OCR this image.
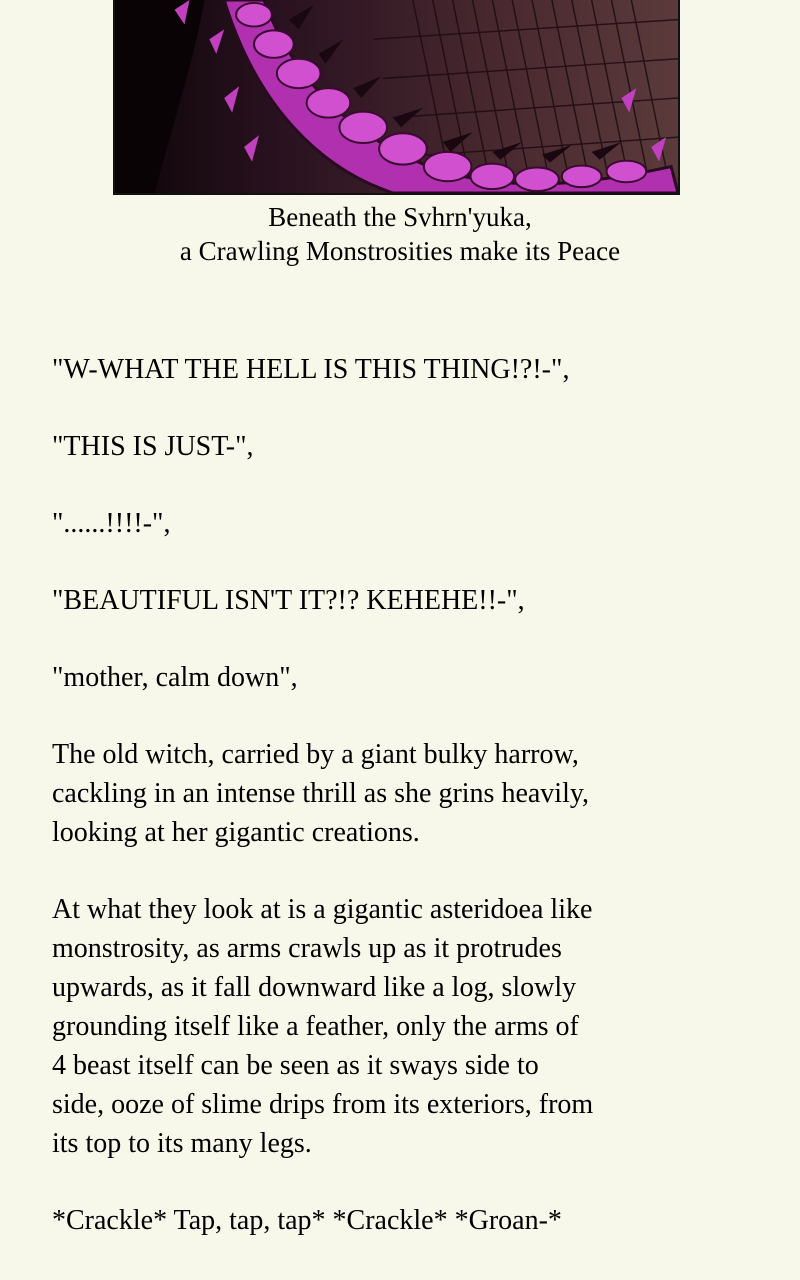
Beneath the Svhrn'yuka,
a Crawling Monstrosities make its Peace

"W-WHAT THE HELL IS THIS THING!?!-",

"THIS IS JUST-",

"......!!!!-",

"BEAUTIFUL ISN'T IT?!? KEHEHE!!-",

"mother, calm down",

The old witch, carried by a giant bulky harrow,
cackling in an intense thrill as she grins heavily,
looking at her gigantic creations.

At what they look at is a gigantic asteridoea like
monstrosity, as arms crawls up as it protrudes
upwards, as it fall downward like a log, slowly
grounding itself like a feather, only the arms of
4 beast itself can be seen as it sways side to
side, ooze of slime drips from its exteriors, from
its top to its many legs.

*Crackle* Tap, tap, tap* *Crackle* *Groan-*
